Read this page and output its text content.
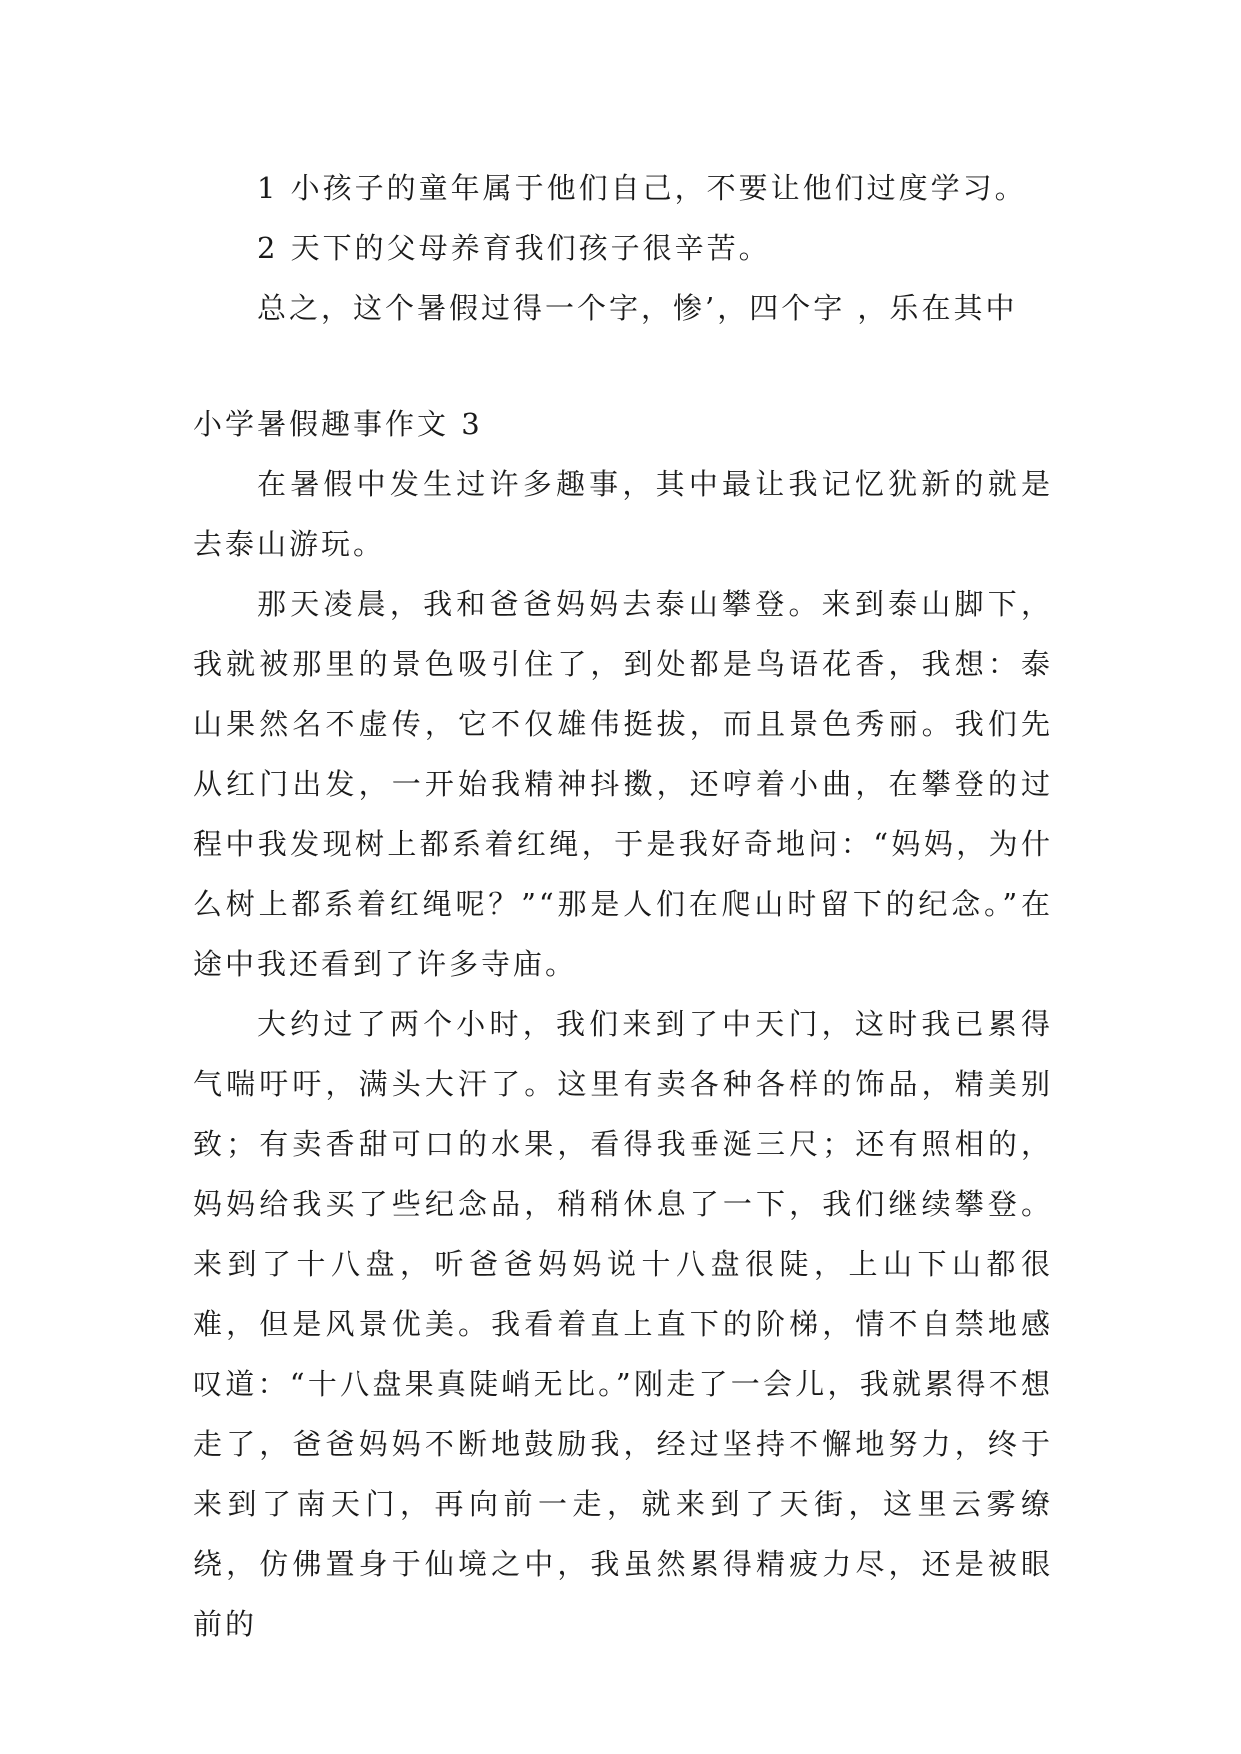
1 小孩子的童年属于他们自己，不要让他们过度学习。

2 天下的父母养育我们孩子很辛苦。

总之，这个暑假过得一个字，惨’，四个字 ，乐在其中

小学暑假趣事作文 3

在暑假中发生过许多趣事，其中最让我记忆犹新的就是去泰山游玩。

那天凌晨，我和爸爸妈妈去泰山攀登。来到泰山脚下，我就被那里的景色吸引住了，到处都是鸟语花香，我想：泰山果然名不虚传，它不仅雄伟挺拔，而且景色秀丽。我们先从红门出发，一开始我精神抖擞，还哼着小曲，在攀登的过程中我发现树上都系着红绳，于是我好奇地问：“妈妈，为什么树上都系着红绳呢？”“那是人们在爬山时留下的纪念。”在途中我还看到了许多寺庙。

大约过了两个小时，我们来到了中天门，这时我已累得气喘吁吁，满头大汗了。这里有卖各种各样的饰品，精美别致；有卖香甜可口的水果，看得我垂涎三尺；还有照相的，妈妈给我买了些纪念品，稍稍休息了一下，我们继续攀登。来到了十八盘，听爸爸妈妈说十八盘很陡，上山下山都很难，但是风景优美。我看着直上直下的阶梯，情不自禁地感叹道：“十八盘果真陡峭无比。”刚走了一会儿，我就累得不想走了，爸爸妈妈不断地鼓励我，经过坚持不懈地努力，终于来到了南天门，再向前一走，就来到了天街，这里云雾缭绕，仿佛置身于仙境之中，我虽然累得精疲力尽，还是被眼前的
